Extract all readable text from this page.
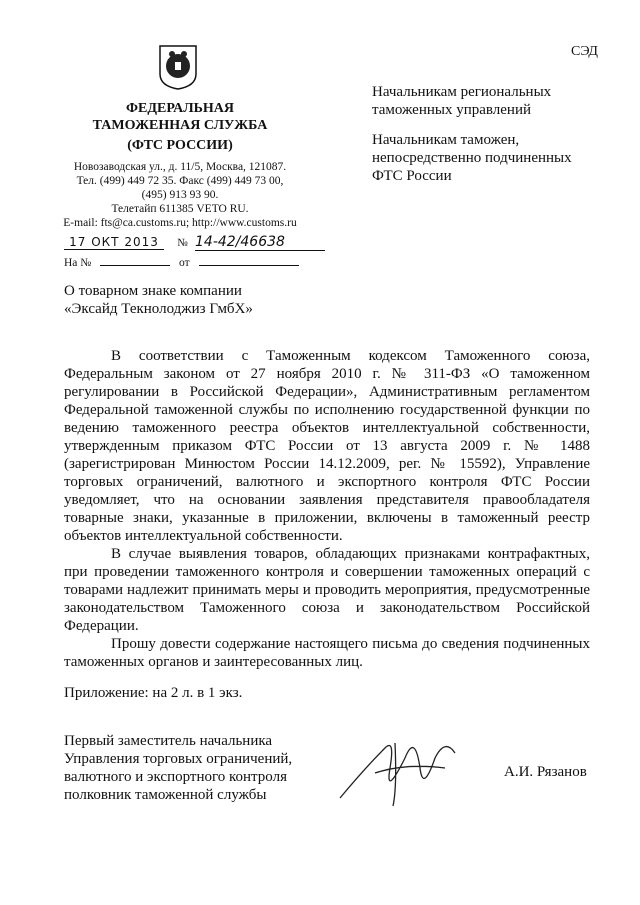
СЭД
ФЕДЕРАЛЬНАЯ
ТАМОЖЕННАЯ СЛУЖБА
(ФТС РОССИИ)
Новозаводская ул., д. 11/5, Москва, 121087.
Тел. (499) 449 72 35. Факс (499) 449 73 00,
(495) 913 93 90.
Телетайп 611385 VETO RU.
E-mail: fts@ca.customs.ru; http://www.customs.ru
17 ОКТ 2013 № 14-42/46638
На №	от
Начальникам региональных таможенных управлений
Начальникам таможен, непосредственно подчиненных ФТС России
О товарном знаке компании
«Эксайд Текнолоджиз ГмбХ»

В соответствии с Таможенным кодексом Таможенного союза, Федеральным законом от 27 ноября 2010 г. № 311-ФЗ «О таможенном регулировании в Российской Федерации», Административным регламентом Федеральной таможенной службы по исполнению государственной функции по ведению таможенного реестра объектов интеллектуальной собственности, утвержденным приказом ФТС России от 13 августа 2009 г. № 1488 (зарегистрирован Минюстом России 14.12.2009, рег. № 15592), Управление торговых ограничений, валютного и экспортного контроля ФТС России уведомляет, что на основании заявления представителя правообладателя товарные знаки, указанные в приложении, включены в таможенный реестр объектов интеллектуальной собственности.

В случае выявления товаров, обладающих признаками контрафактных, при проведении таможенного контроля и совершении таможенных операций с товарами надлежит принимать меры и проводить мероприятия, предусмотренные законодательством Таможенного союза и законодательством Российской Федерации.

Прошу довести содержание настоящего письма до сведения подчиненных таможенных органов и заинтересованных лиц.

Приложение: на 2 л. в 1 экз.
Первый заместитель начальника
Управления торговых ограничений,
валютного и экспортного контроля
полковник таможенной службы
А.И. Рязанов
